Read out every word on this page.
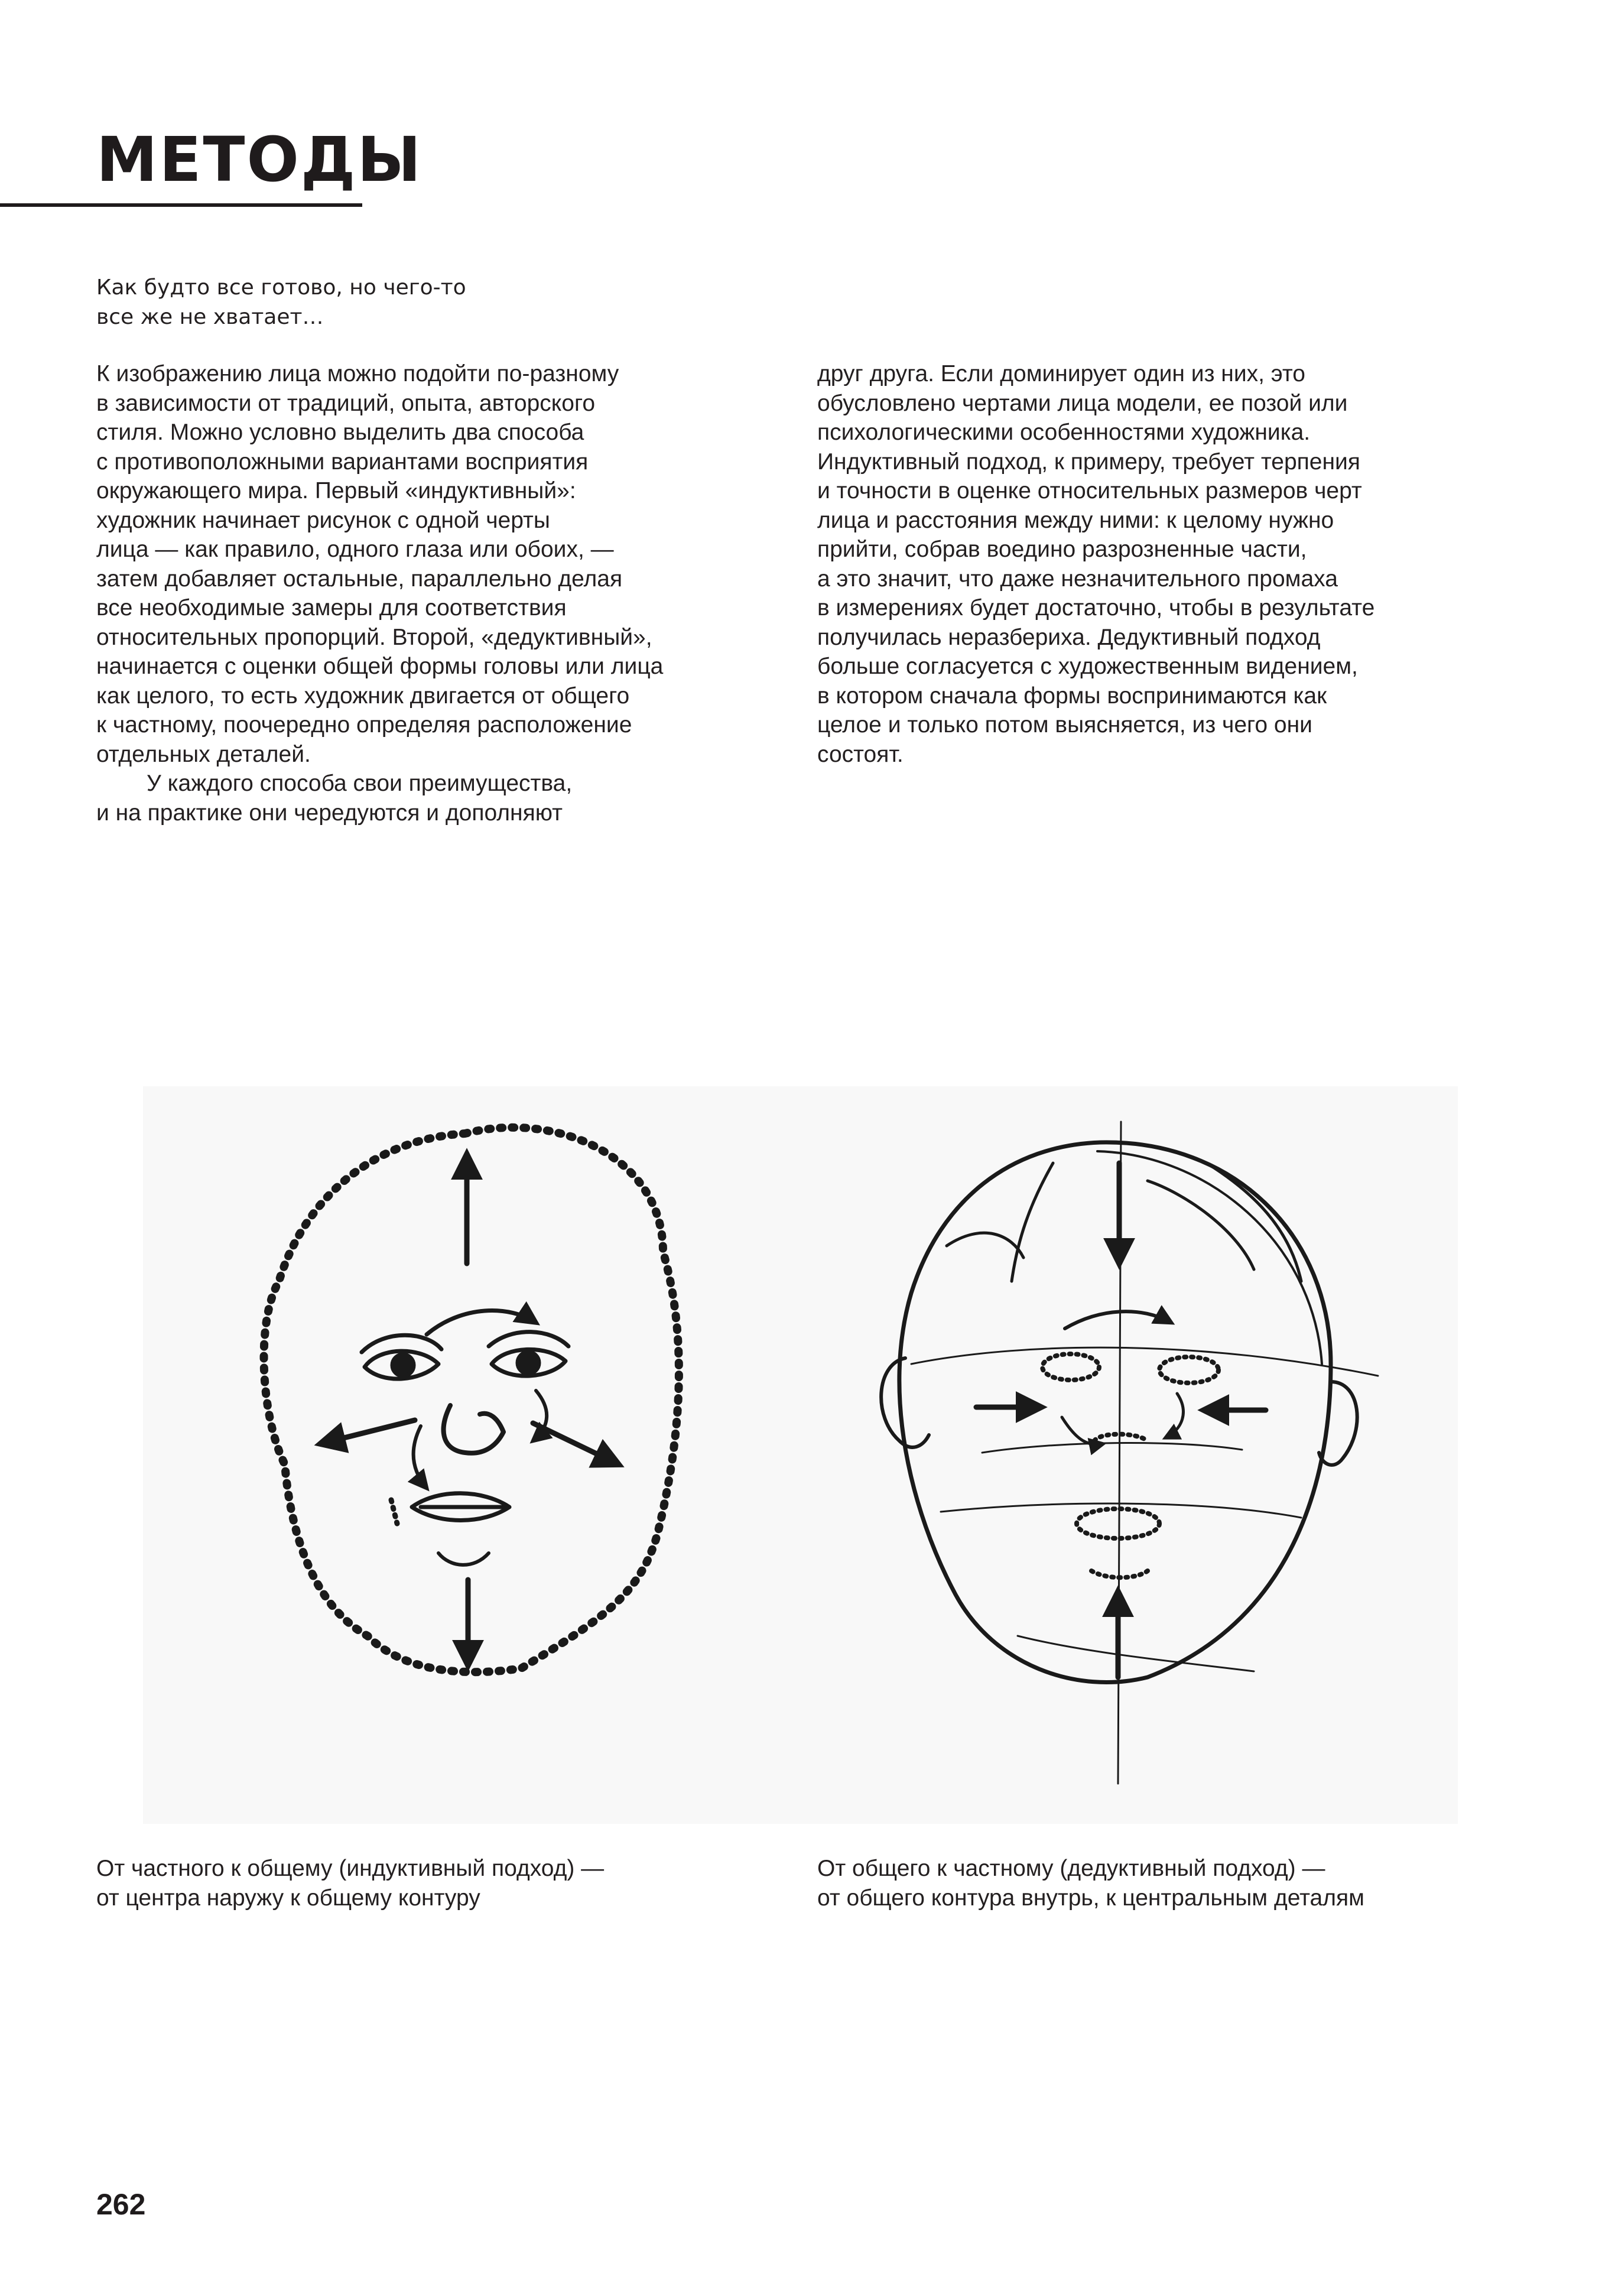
МЕТОДЫ

Как будто все готово, но чего-то
все же не хватает…

К изображению лица можно подойти по-разному
в зависимости от традиций, опыта, авторского
стиля. Можно условно выделить два способа
с противоположными вариантами восприятия
окружающего мира. Первый «индуктивный»:
художник начинает рисунок с одной черты
лица — как правило, одного глаза или обоих, —
затем добавляет остальные, параллельно делая
все необходимые замеры для соответствия
относительных пропорций. Второй, «дедуктивный»,
начинается с оценки общей формы головы или лица
как целого, то есть художник двигается от общего
к частному, поочередно определяя расположение
отдельных деталей.
У каждого способа свои преимущества,
и на практике они чередуются и дополняют
друг друга. Если доминирует один из них, это
обусловлено чертами лица модели, ее позой или
психологическими особенностями художника.
Индуктивный подход, к примеру, требует терпения
и точности в оценке относительных размеров черт
лица и расстояния между ними: к целому нужно
прийти, собрав воедино разрозненные части,
а это значит, что даже незначительного промаха
в измерениях будет достаточно, чтобы в результате
получилась неразбериха. Дедуктивный подход
больше согласуется с художественным видением,
в котором сначала формы воспринимаются как
целое и только потом выясняется, из чего они
состоят.
От частного к общему (индуктивный подход) —
от центра наружу к общему контуру
От общего к частному (дедуктивный подход) —
от общего контура внутрь, к центральным деталям
262
